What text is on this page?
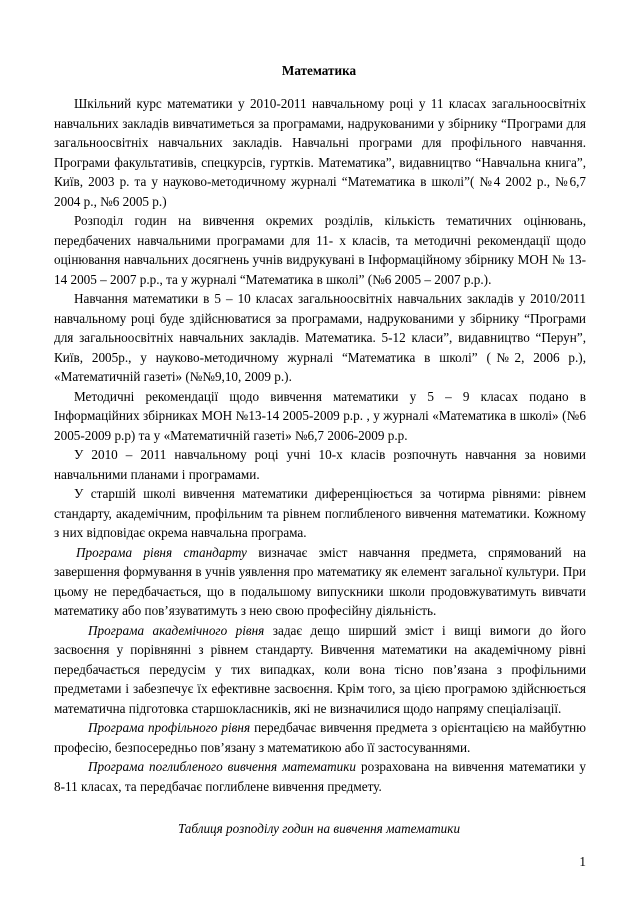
Математика

Шкільний курс математики у 2010-2011 навчальному році у 11 класах загальноосвітніх навчальних закладів вивчатиметься за програмами, надрукованими у збірнику “Програми для загальноосвітніх навчальних закладів. Навчальні програми для профільного навчання. Програми факультативів, спецкурсів, гуртків. Математика”, видавництво “Навчальна книга”, Київ, 2003 р. та у науково-методичному журналі “Математика в школі”( №4 2002 р., №6,7 2004 р., №6 2005 р.)

Розподіл годин на вивчення окремих розділів, кількість тематичних оцінювань, передбачених навчальними програмами для 11- х класів, та методичні рекомендації щодо оцінювання навчальних досягнень учнів видрукувані в Інформаційному збірнику МОН № 13-14 2005 – 2007 р.р., та у журналі “Математика в школі” (№6 2005 – 2007 р.р.).

Навчання математики в 5 – 10 класах загальноосвітніх навчальних закладів у 2010/2011 навчальному році буде здійснюватися за програмами, надрукованими у збірнику “Програми для загальноосвітніх навчальних закладів. Математика. 5-12 класи”, видавництво “Перун”, Київ, 2005р., у науково-методичному журналі “Математика в школі” (№2, 2006 р.), «Математичній газеті» (№№9,10, 2009 р.).

Методичні рекомендації щодо вивчення математики у 5 – 9 класах подано в Інформаційних збірниках МОН №13-14 2005-2009 р.р. , у журналі «Математика в школі» (№6 2005-2009 р.р) та у «Математичній газеті» №6,7 2006-2009 р.р.

У 2010 – 2011 навчальному році учні 10-х класів розпочнуть навчання за новими навчальними планами і програмами.

У старшій школі вивчення математики диференціюється за чотирма рівнями: рівнем стандарту, академічним, профільним та рівнем поглибленого вивчення математики. Кожному з них відповідає окрема навчальна програма.

Програма рівня стандарту визначає зміст навчання предмета, спрямований на завершення формування в учнів уявлення про математику як елемент загальної культури. При цьому не передбачається, що в подальшому випускники школи продовжуватимуть вивчати математику або пов’язуватимуть з нею свою професійну діяльність.

Програма академічного рівня задає дещо ширший зміст і вищі вимоги до його засвоєння у порівнянні з рівнем стандарту. Вивчення математики на академічному рівні передбачається передусім у тих випадках, коли вона тісно пов’язана з профільними предметами і забезпечує їх ефективне засвоєння. Крім того, за цією програмою здійснюється математична підготовка старшокласників, які не визначилися щодо напряму спеціалізації.

Програма профільного рівня передбачає вивчення предмета з орієнтацією на майбутню професію, безпосередньо пов’язану з математикою або її застосуваннями.

Програма поглибленого вивчення математики розрахована на вивчення математики у 8-11 класах, та передбачає поглиблене вивчення предмету.

Таблиця розподілу годин на вивчення математики
1
